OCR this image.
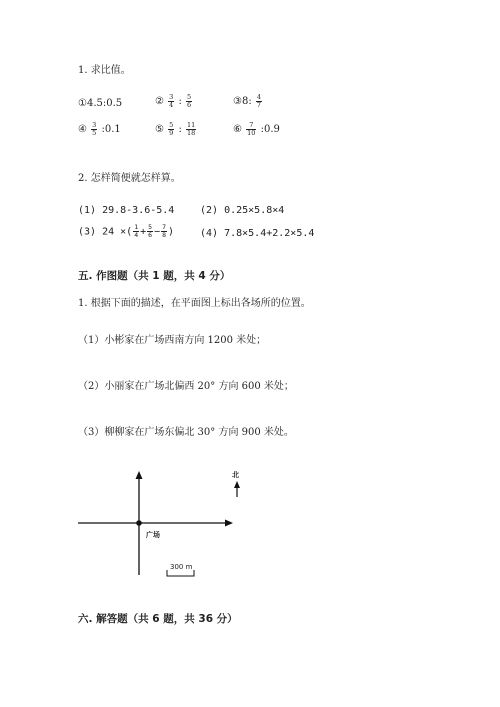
1. 求比值。
①4.5:0.5	② $\frac{3}{4}$ : $\frac{5}{6}$	③8: $\frac{4}{7}$
④ $\frac{3}{5}$ :0.1	⑤ $\frac{5}{9}$ : $\frac{11}{18}$	⑥ $\frac{7}{10}$ :0.9
2. 怎样简便就怎样算。
(1) 29.8-3.6-5.4	(2) 0.25×5.8×4
(3) 24 ×( $\frac{1}{4} + \frac{5}{6} - \frac{7}{8}$ )	(4) 7.8×5.4+2.2×5.4
五. 作图题（共 1 题，共 4 分）
1. 根据下面的描述，在平面图上标出各场所的位置。
（1）小彬家在广场西南方向 1200 米处；
（2）小丽家在广场北偏西 20° 方向 600 米处；
（3）柳柳家在广场东偏北 30° 方向 900 米处。
北
广场
300 m
六. 解答题（共 6 题，共 36 分）
